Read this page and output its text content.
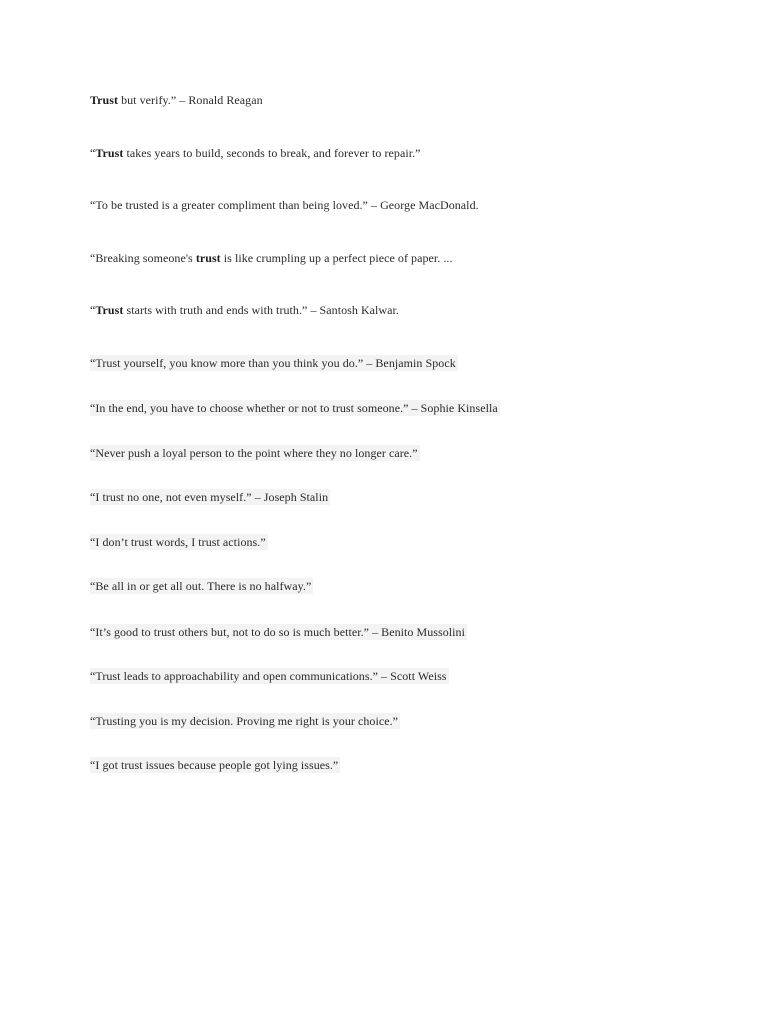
Trust but verify.” – Ronald Reagan

“Trust takes years to build, seconds to break, and forever to repair.”

“To be trusted is a greater compliment than being loved.” – George MacDonald.

“Breaking someone's trust is like crumpling up a perfect piece of paper. ...

“Trust starts with truth and ends with truth.” – Santosh Kalwar.

“Trust yourself, you know more than you think you do.” – Benjamin Spock

“In the end, you have to choose whether or not to trust someone.” – Sophie Kinsella

“Never push a loyal person to the point where they no longer care.”

“I trust no one, not even myself.” – Joseph Stalin

“I don’t trust words, I trust actions.”

“Be all in or get all out. There is no halfway.”

“It’s good to trust others but, not to do so is much better.” – Benito Mussolini

“Trust leads to approachability and open communications.” – Scott Weiss

“Trusting you is my decision. Proving me right is your choice.”

“I got trust issues because people got lying issues.”
